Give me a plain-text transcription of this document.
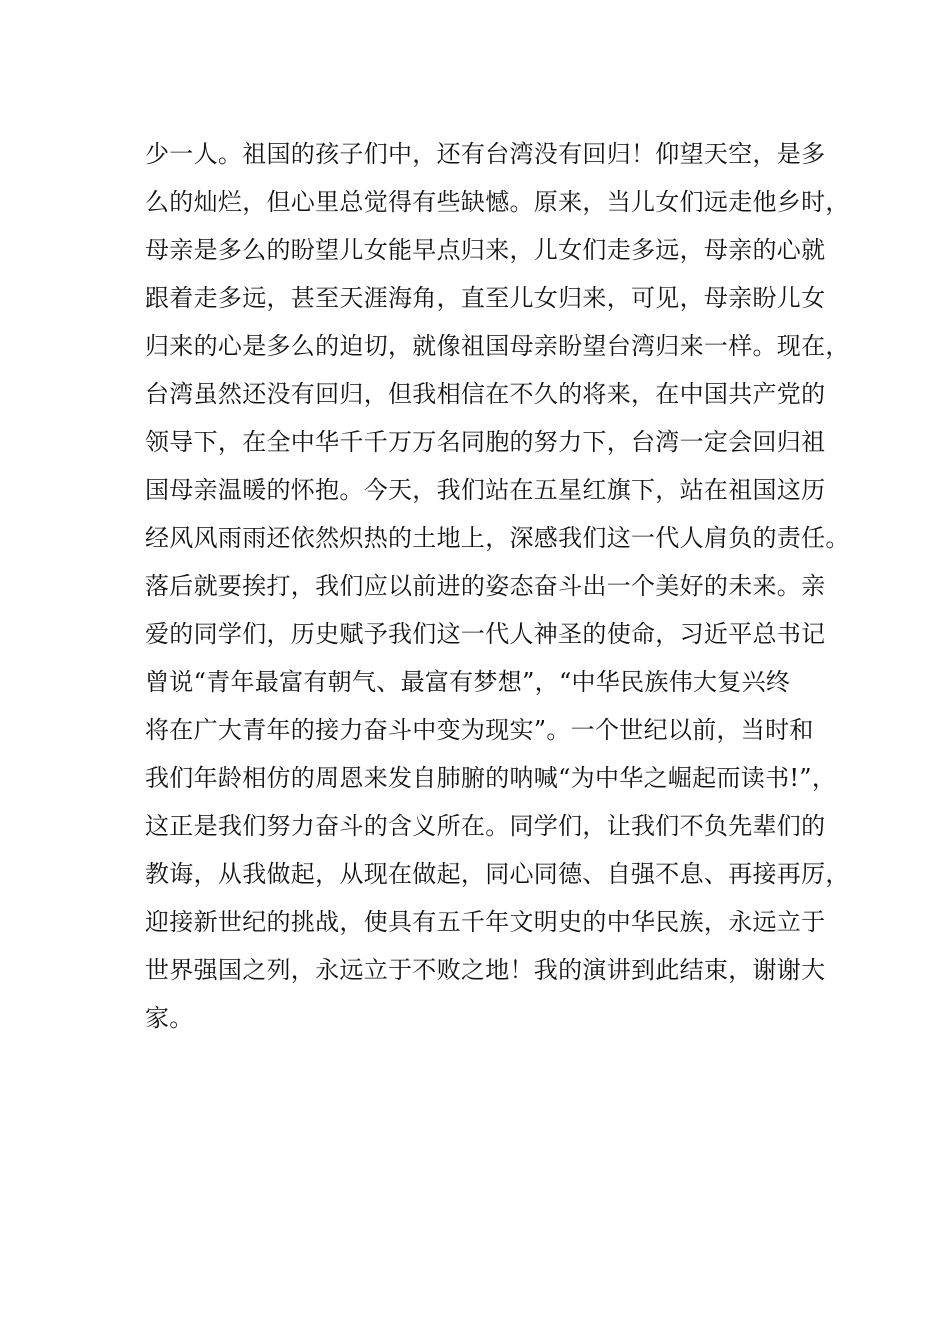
少一人。祖国的孩子们中，还有台湾没有回归！仰望天空，是多
么的灿烂，但心里总觉得有些缺憾。原来，当儿女们远走他乡时，
母亲是多么的盼望儿女能早点归来，儿女们走多远，母亲的心就
跟着走多远，甚至天涯海角，直至儿女归来，可见，母亲盼儿女
归来的心是多么的迫切，就像祖国母亲盼望台湾归来一样。现在，
台湾虽然还没有回归，但我相信在不久的将来，在中国共产党的
领导下，在全中华千千万万名同胞的努力下，台湾一定会回归祖
国母亲温暖的怀抱。今天，我们站在五星红旗下，站在祖国这历
经风风雨雨还依然炽热的土地上，深感我们这一代人肩负的责任。
落后就要挨打，我们应以前进的姿态奋斗出一个美好的未来。亲
爱的同学们，历史赋予我们这一代人神圣的使命，习近平总书记
曾说“青年最富有朝气、最富有梦想”，“中华民族伟大复兴终
将在广大青年的接力奋斗中变为现实”。一个世纪以前，当时和
我们年龄相仿的周恩来发自肺腑的呐喊“为中华之崛起而读书!”，
这正是我们努力奋斗的含义所在。同学们，让我们不负先辈们的
教诲，从我做起，从现在做起，同心同德、自强不息、再接再厉，
迎接新世纪的挑战，使具有五千年文明史的中华民族，永远立于
世界强国之列，永远立于不败之地！我的演讲到此结束，谢谢大
家。
